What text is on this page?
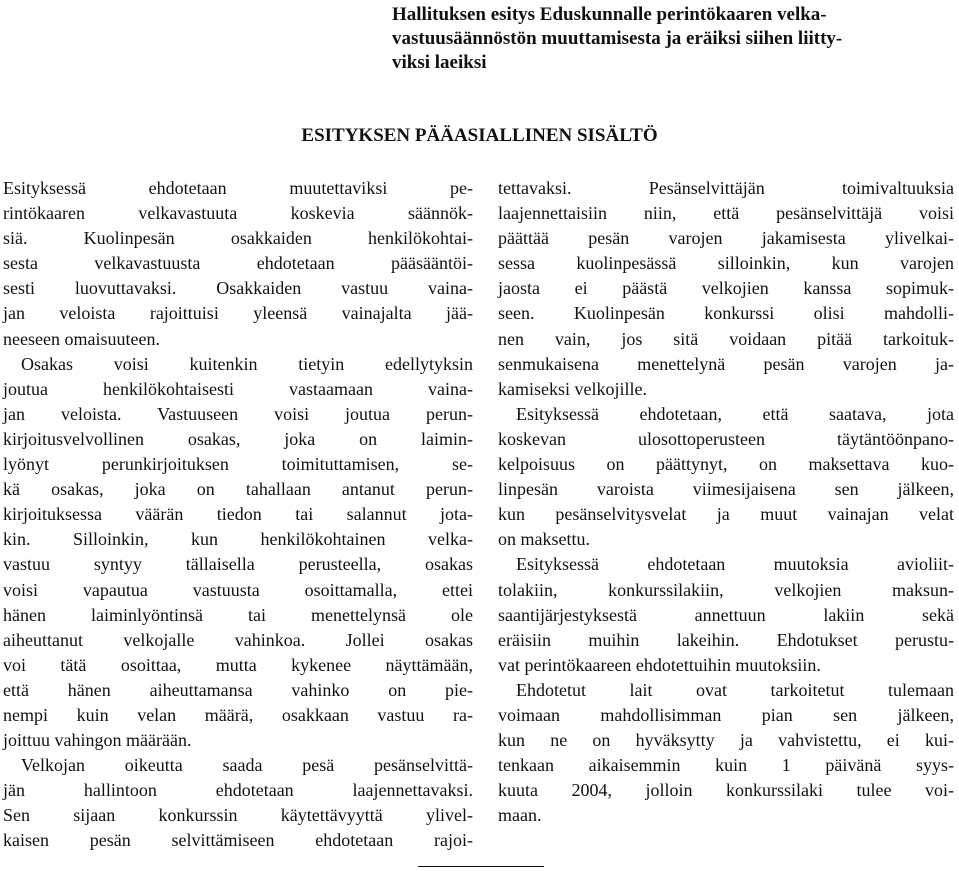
Hallituksen esitys Eduskunnalle perintökaaren velka-
vastuusäännöstön muuttamisesta ja eräiksi siihen liitty-
viksi laeiksi
ESITYKSEN PÄÄASIALLINEN SISÄLTÖ
Esityksessä ehdotetaan muutettaviksi pe-
rintökaaren velkavastuuta koskevia säännök-
siä. Kuolinpesän osakkaiden henkilökohtai-
sesta velkavastuusta ehdotetaan pääsääntöi-
sesti luovuttavaksi. Osakkaiden vastuu vaina-
jan veloista rajoittuisi yleensä vainajalta jää-
neeseen omaisuuteen.
Osakas voisi kuitenkin tietyin edellytyksin
joutua henkilökohtaisesti vastaamaan vaina-
jan veloista. Vastuuseen voisi joutua perun-
kirjoitusvelvollinen osakas, joka on laimin-
lyönyt perunkirjoituksen toimituttamisen, se-
kä osakas, joka on tahallaan antanut perun-
kirjoituksessa väärän tiedon tai salannut jota-
kin. Silloinkin, kun henkilökohtainen velka-
vastuu syntyy tällaisella perusteella, osakas
voisi vapautua vastuusta osoittamalla, ettei
hänen laiminlyöntinsä tai menettelynsä ole
aiheuttanut velkojalle vahinkoa. Jollei osakas
voi tätä osoittaa, mutta kykenee näyttämään,
että hänen aiheuttamansa vahinko on pie-
nempi kuin velan määrä, osakkaan vastuu ra-
joittuu vahingon määrään.
Velkojan oikeutta saada pesä pesänselvittä-
jän hallintoon ehdotetaan laajennettavaksi.
Sen sijaan konkurssin käytettävyyttä ylivel-
kaisen pesän selvittämiseen ehdotetaan rajoi-
tettavaksi. Pesänselvittäjän toimivaltuuksia
laajennettaisiin niin, että pesänselvittäjä voisi
päättää pesän varojen jakamisesta ylivelkai-
sessa kuolinpesässä silloinkin, kun varojen
jaosta ei päästä velkojien kanssa sopimuk-
seen. Kuolinpesän konkurssi olisi mahdolli-
nen vain, jos sitä voidaan pitää tarkoituk-
senmukaisena menettelynä pesän varojen ja-
kamiseksi velkojille.
Esityksessä ehdotetaan, että saatava, jota
koskevan ulosottoperusteen täytäntöönpano-
kelpoisuus on päättynyt, on maksettava kuo-
linpesän varoista viimesijaisena sen jälkeen,
kun pesänselvitysvelat ja muut vainajan velat
on maksettu.
Esityksessä ehdotetaan muutoksia avioliit-
tolakiin, konkurssilakiin, velkojien maksun-
saantijärjestyksestä annettuun lakiin sekä
eräisiin muihin lakeihin. Ehdotukset perustu-
vat perintökaareen ehdotettuihin muutoksiin.
Ehdotetut lait ovat tarkoitetut tulemaan
voimaan mahdollisimman pian sen jälkeen,
kun ne on hyväksytty ja vahvistettu, ei kui-
tenkaan aikaisemmin kuin 1 päivänä syys-
kuuta 2004, jolloin konkurssilaki tulee voi-
maan.
